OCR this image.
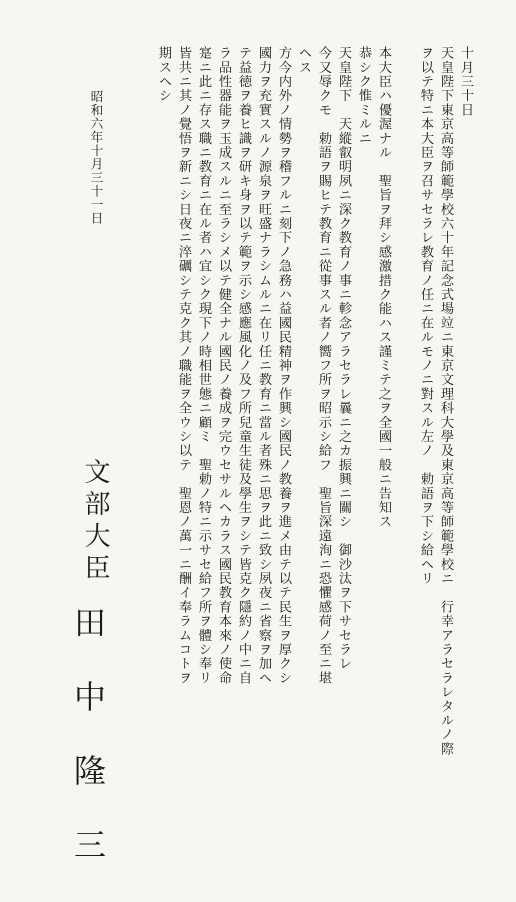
十月三十日
天皇陛下東京高等師範學校六十年記念式場竝ニ東京文理科大學及東京高等師範學校ニ　行幸アラセラレタルノ際
ヲ以テ特ニ本大臣ヲ召サセラレ教育ノ任ニ在ルモノニ對スル左ノ　勅語ヲ下シ給ヘリ
本大臣ハ優渥ナル　聖旨ヲ拜シ感激措ク能ハス謹ミテ之ヲ全國一般ニ告知ス
恭シク惟ミルニ
天皇陛下　天縱叡明夙ニ深ク教育ノ事ニ軫念アラセラレ曩ニ之カ振興ニ關シ　御沙汰ヲ下サセラレ
今又辱クモ　勅語ヲ賜ヒテ教育ニ從事スル者ノ嚮フ所ヲ昭示シ給フ　聖旨深遠洵ニ恐懼感荷ノ至ニ堪
ヘス
方今内外ノ情勢ヲ稽フルニ刻下ノ急務ハ益國民精神ヲ作興シ國民ノ教養ヲ進メ由テ以テ民生ヲ厚クシ
國力ヲ充實スルノ源泉ヲ旺盛ナラシムルニ在リ任ニ教育ニ當ル者殊ニ思ヲ此ニ致シ夙夜ニ省察ヲ加ヘ
テ益徳ヲ養ヒ識ヲ研キ身ヲ以テ範ヲ示シ感應風化ノ及フ所兒童生徒及學生ヲシテ皆克ク隱約ノ中ニ自
ラ品性器能ヲ玉成スルニ至ラシメ以テ健全ナル國民ノ養成ヲ完ウセサルヘカラス國民教育本來ノ使命
寔ニ此ニ存ス職ニ教育ニ在ル者ハ宜シク現下ノ時相世態ニ顧ミ　聖勅ノ特ニ示サセ給フ所ヲ體シ奉リ
皆共ニ其ノ覺悟ヲ新ニシ日夜ニ淬礪シテ克ク其ノ職能ヲ全ウシ以テ　聖恩ノ萬一ニ酬イ奉ラムコトヲ
期スヘシ
昭和六年十月三十一日
文部大臣
田中隆三
